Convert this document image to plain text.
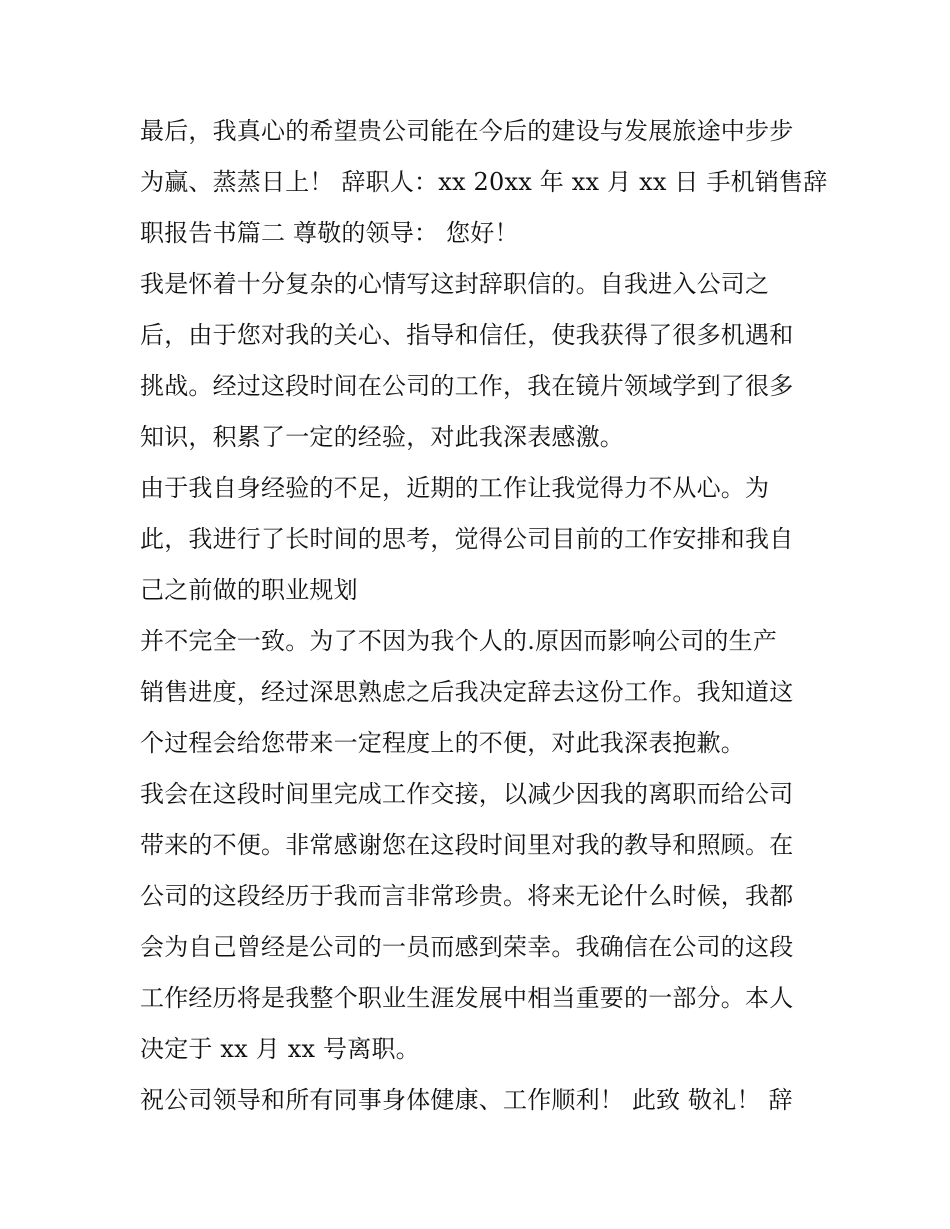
最后，我真心的希望贵公司能在今后的建设与发展旅途中步步
为赢、蒸蒸日上！ 辞职人：xx 20xx 年 xx 月 xx 日 手机销售辞
职报告书篇二 尊敬的领导： 您好！
我是怀着十分复杂的心情写这封辞职信的。自我进入公司之
后，由于您对我的关心、指导和信任，使我获得了很多机遇和
挑战。经过这段时间在公司的工作，我在镜片领域学到了很多
知识，积累了一定的经验，对此我深表感激。
由于我自身经验的不足，近期的工作让我觉得力不从心。为
此，我进行了长时间的思考，觉得公司目前的工作安排和我自
己之前做的职业规划
并不完全一致。为了不因为我个人的.原因而影响公司的生产
销售进度，经过深思熟虑之后我决定辞去这份工作。我知道这
个过程会给您带来一定程度上的不便，对此我深表抱歉。
我会在这段时间里完成工作交接，以减少因我的离职而给公司
带来的不便。非常感谢您在这段时间里对我的教导和照顾。在
公司的这段经历于我而言非常珍贵。将来无论什么时候，我都
会为自己曾经是公司的一员而感到荣幸。我确信在公司的这段
工作经历将是我整个职业生涯发展中相当重要的一部分。本人
决定于 xx 月 xx 号离职。
祝公司领导和所有同事身体健康、工作顺利！ 此致 敬礼！ 辞
